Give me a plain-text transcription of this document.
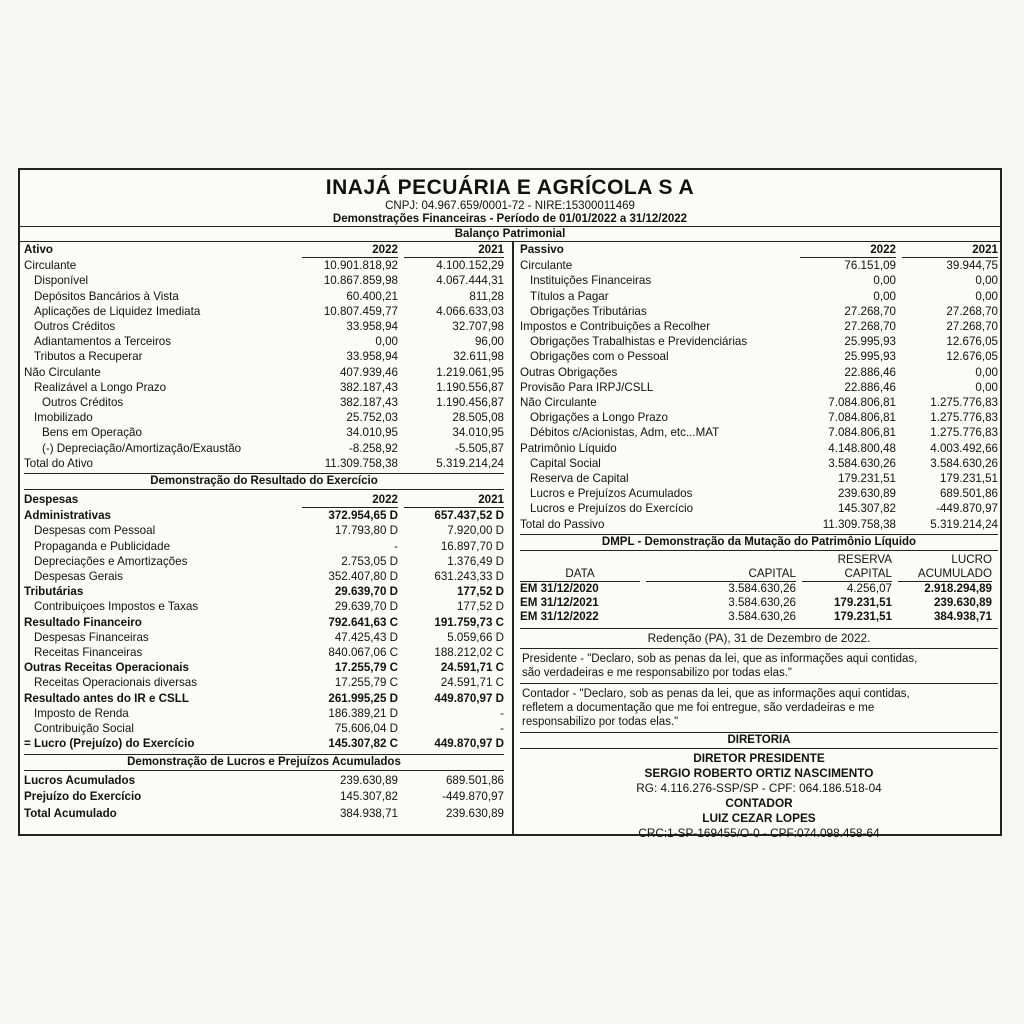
INAJÁ PECUÁRIA E AGRÍCOLA S A
CNPJ: 04.967.659/0001-72 - NIRE:15300011469
Demonstrações Financeiras - Período de 01/01/2022 a 31/12/2022
Balanço Patrimonial
Ativo	2022	2021
Circulante	10.901.818,92	4.100.152,29
Disponível	10.867.859,98	4.067.444,31
Depósitos Bancários à Vista	60.400,21	811,28
Aplicações de Liquidez Imediata	10.807.459,77	4.066.633,03
Outros Créditos	33.958,94	32.707,98
Adiantamentos a Terceiros	0,00	96,00
Tributos a Recuperar	33.958,94	32.611,98
Não Circulante	407.939,46	1.219.061,95
Realizável a Longo Prazo	382.187,43	1.190.556,87
Outros Créditos	382.187,43	1.190.456,87
Imobilizado	25.752,03	28.505,08
Bens em Operação	34.010,95	34.010,95
(-) Depreciação/Amortização/Exaustão	-8.258,92	-5.505,87
Total do Ativo	11.309.758,38	5.319.214,24
Demonstração do Resultado do Exercício
Despesas	2022	2021
Administrativas	372.954,65 D	657.437,52 D
Despesas com Pessoal	17.793,80 D	7.920,00 D
Propaganda e Publicidade	-	16.897,70 D
Depreciações e Amortizações	2.753,05 D	1.376,49 D
Despesas Gerais	352.407,80 D	631.243,33 D
Tributárias	29.639,70 D	177,52 D
Contribuiçoes Impostos e Taxas	29.639,70 D	177,52 D
Resultado Financeiro	792.641,63 C	191.759,73 C
Despesas Financeiras	47.425,43 D	5.059,66 D
Receitas Financeiras	840.067,06 C	188.212,02 C
Outras Receitas Operacionais	17.255,79 C	24.591,71 C
Receitas Operacionais diversas	17.255,79 C	24.591,71 C
Resultado antes do IR e CSLL	261.995,25 D	449.870,97 D
Imposto de Renda	186.389,21 D	-
Contribuição Social	75.606,04 D	-
= Lucro (Prejuízo) do Exercício	145.307,82 C	449.870,97 D
Demonstração de Lucros e Prejuízos Acumulados
Lucros Acumulados	239.630,89	689.501,86
Prejuízo do Exercício	145.307,82	-449.870,97
Total Acumulado	384.938,71	239.630,89
Passivo	2022	2021
Circulante	76.151,09	39.944,75
Instituições Financeiras	0,00	0,00
Títulos a Pagar	0,00	0,00
Obrigações Tributárias	27.268,70	27.268,70
Impostos e Contribuições a Recolher	27.268,70	27.268,70
Obrigações Trabalhistas e Previdenciárias	25.995,93	12.676,05
Obrigações com o Pessoal	25.995,93	12.676,05
Outras Obrigações	22.886,46	0,00
Provisão Para IRPJ/CSLL	22.886,46	0,00
Não Circulante	7.084.806,81	1.275.776,83
Obrigações a Longo Prazo	7.084.806,81	1.275.776,83
Débitos c/Acionistas, Adm, etc...MAT	7.084.806,81	1.275.776,83
Patrimônio Líquido	4.148.800,48	4.003.492,66
Capital Social	3.584.630,26	3.584.630,26
Reserva de Capital	179.231,51	179.231,51
Lucros e Prejuízos Acumulados	239.630,89	689.501,86
Lucros e Prejuízos do Exercício	145.307,82	-449.870,97
Total do Passivo	11.309.758,38	5.319.214,24
DMPL - Demonstração da Mutação do Patrimônio Líquido
RESERVA	LUCRO
DATA	CAPITAL	CAPITAL	ACUMULADO
EM 31/12/2020	3.584.630,26	4.256,07	2.918.294,89
EM 31/12/2021	3.584.630,26	179.231,51	239.630,89
EM 31/12/2022	3.584.630,26	179.231,51	384.938,71
Redenção (PA), 31 de Dezembro de 2022.
Presidente - "Declaro, sob as penas da lei, que as informações aqui contidas,
são verdadeiras e me responsabilizo por todas elas."
Contador - "Declaro, sob as penas da lei, que as informações aqui contidas,
refletem a documentação que me foi entregue, são verdadeiras e me
responsabilizo por todas elas."
DIRETORIA
DIRETOR PRESIDENTE
SERGIO ROBERTO ORTIZ NASCIMENTO
RG: 4.116.276-SSP/SP - CPF: 064.186.518-04
CONTADOR
LUIZ CEZAR LOPES
CRC:1-SP-169455/O-0 - CPF:074.098.458-64
